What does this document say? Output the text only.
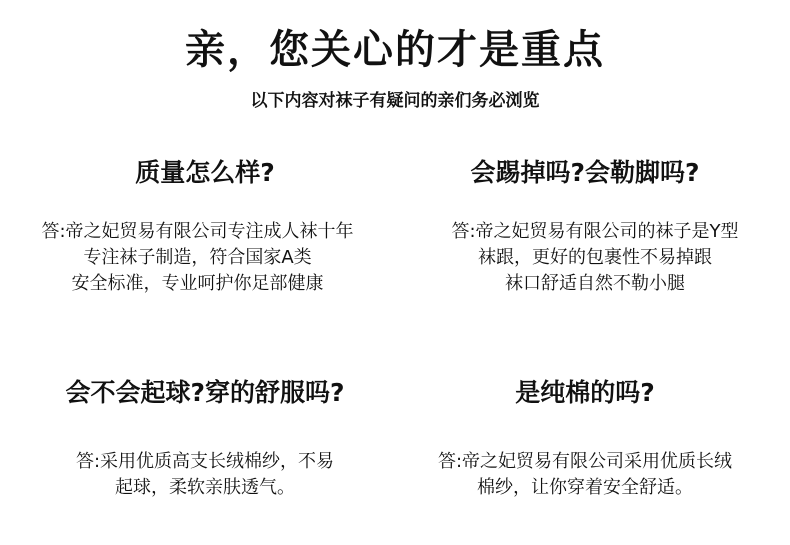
亲，您关心的才是重点
以下内容对袜子有疑问的亲们务必浏览
质量怎么样?
答:帝之妃贸易有限公司专注成人袜十年
专注袜子制造，符合国家A类
安全标准，专业呵护你足部健康
会踢掉吗?会勒脚吗?
答:帝之妃贸易有限公司的袜子是Y型
袜跟，更好的包裹性不易掉跟
袜口舒适自然不勒小腿
会不会起球?穿的舒服吗?
答:采用优质高支长绒棉纱，不易
起球，柔软亲肤透气。
是纯棉的吗?
答:帝之妃贸易有限公司采用优质长绒
棉纱，让你穿着安全舒适。
